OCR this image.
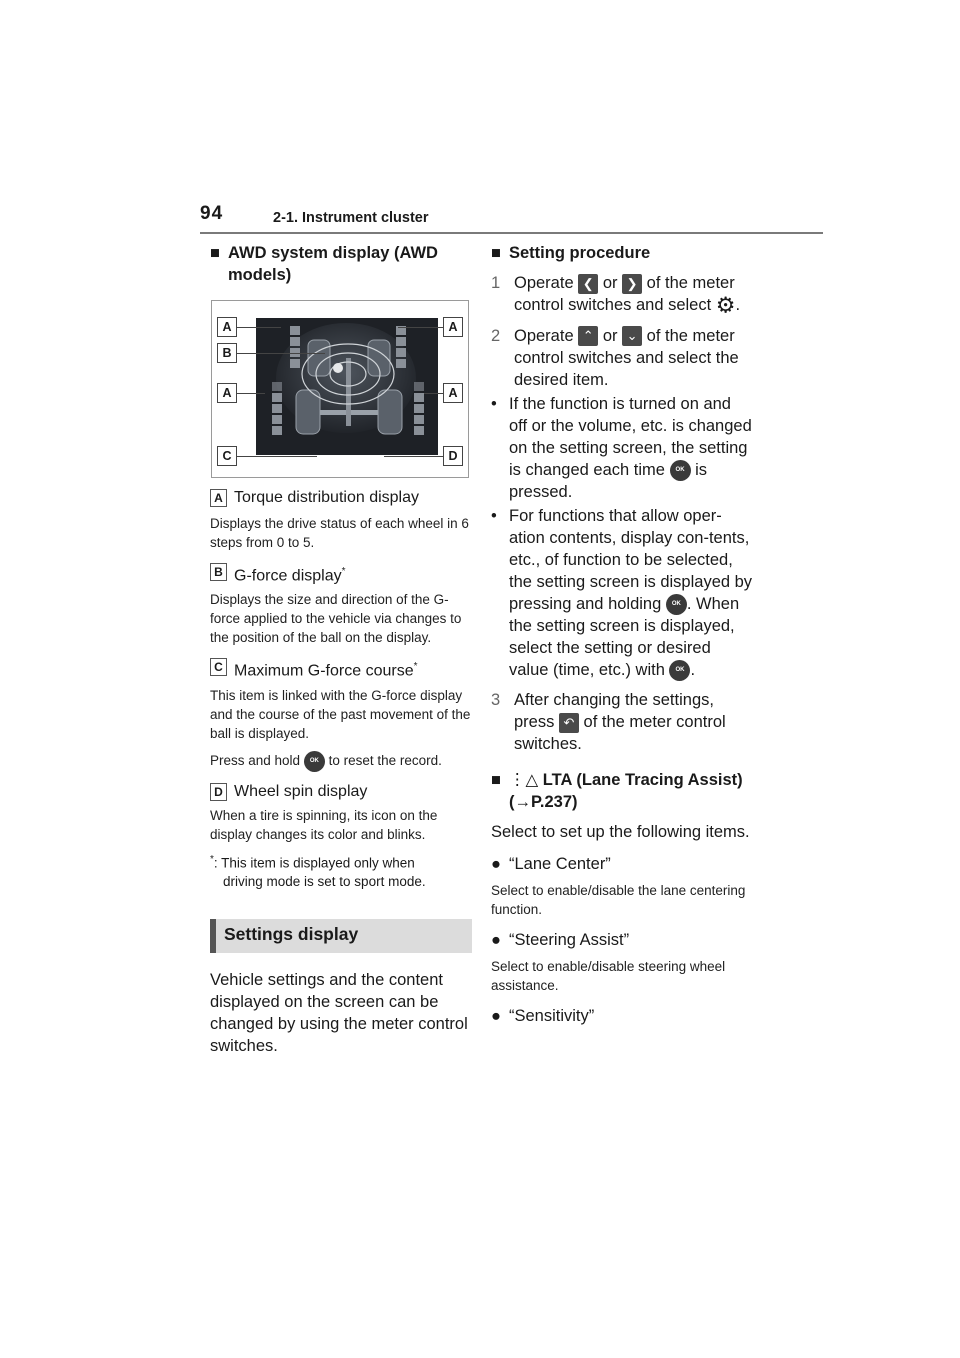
94	2-1. Instrument cluster
■ AWD system display (AWD models)
A
B
A
C
A
A
D
A Torque distribution display
Displays the drive status of each wheel in 6 steps from 0 to 5.
B G-force display*
Displays the size and direction of the G-force applied to the vehicle via changes to the position of the ball on the display.
C Maximum G-force course*
This item is linked with the G-force display and the course of the past movement of the ball is displayed.
Press and hold OK to reset the record.
D Wheel spin display
When a tire is spinning, its icon on the display changes its color and blinks.
*: This item is displayed only when
driving mode is set to sport mode.
Settings display
Vehicle settings and the content displayed on the screen can be changed by using the meter control switches.
■ Setting procedure
1 Operate ❮ or ❯ of the meter control switches and select ⚙.
2 Operate ⌃ or ⌄ of the meter control switches and select the desired item.
• If the function is turned on and off or the volume, etc. is changed on the setting screen, the setting is changed each time OK is pressed.
• For functions that allow oper-ation contents, display con-tents, etc., of function to be selected, the setting screen is displayed by pressing and holding OK . When the setting screen is displayed, select the setting or desired value (time, etc.) with OK .
3 After changing the settings, press ↶ of the meter control switches.
■ ⋮△ LTA (Lane Tracing Assist) (→P.237)
Select to set up the following items.
● “Lane Center”
Select to enable/disable the lane centering function.
● “Steering Assist”
Select to enable/disable steering wheel assistance.
● “Sensitivity”
